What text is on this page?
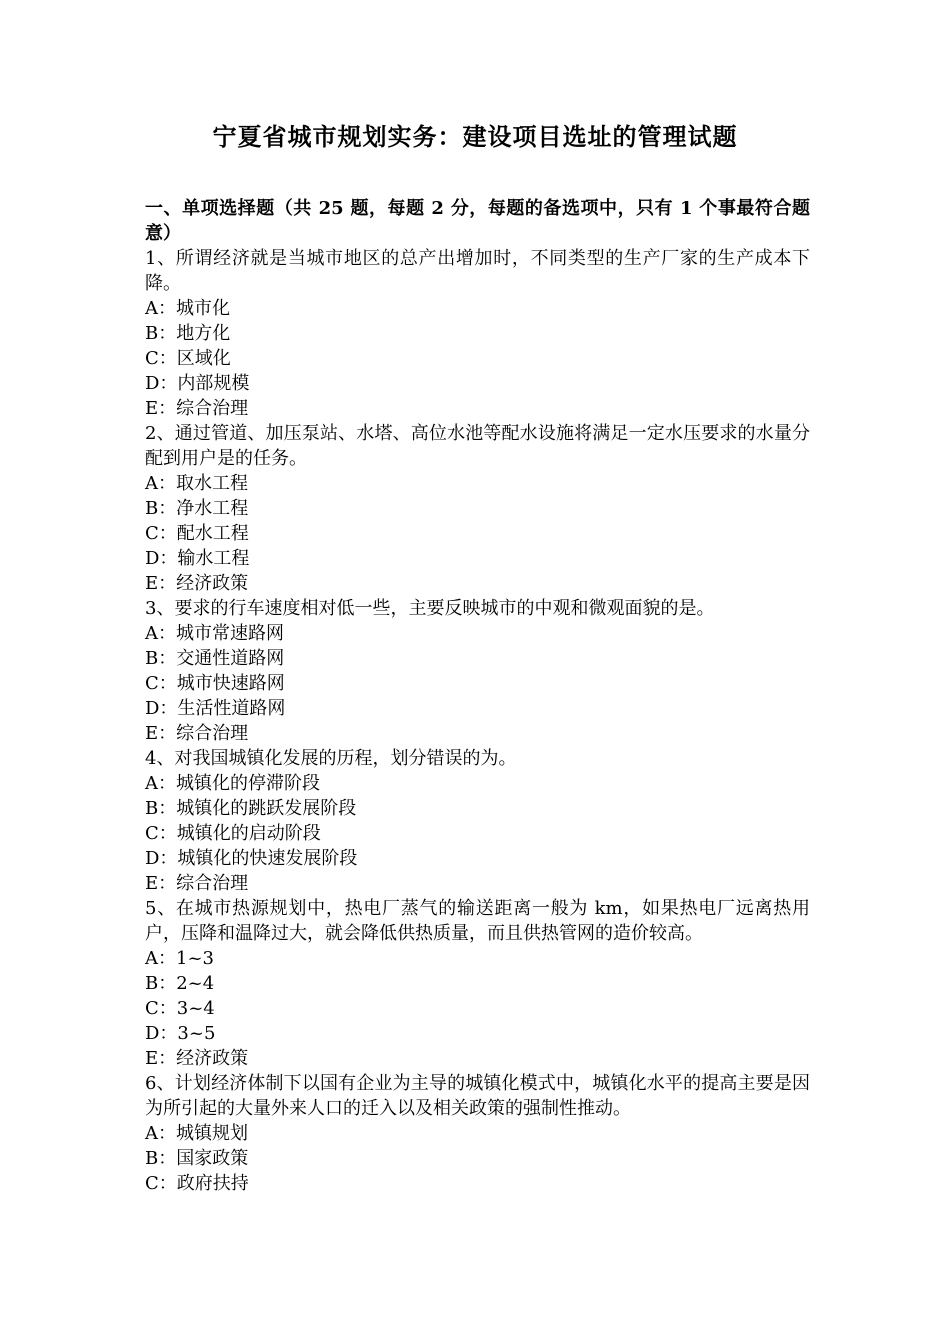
宁夏省城市规划实务：建设项目选址的管理试题

一、单项选择题（共 25 题，每题 2 分，每题的备选项中，只有 1 个事最符合题意）

1、所谓经济就是当城市地区的总产出增加时，不同类型的生产厂家的生产成本下降。

A：城市化

B：地方化

C：区域化

D：内部规模

E：综合治理

2、通过管道、加压泵站、水塔、高位水池等配水设施将满足一定水压要求的水量分配到用户是的任务。

A：取水工程

B：净水工程

C：配水工程

D：输水工程

E：经济政策

3、要求的行车速度相对低一些，主要反映城市的中观和微观面貌的是。

A：城市常速路网

B：交通性道路网

C：城市快速路网

D：生活性道路网

E：综合治理

4、对我国城镇化发展的历程，划分错误的为。

A：城镇化的停滞阶段

B：城镇化的跳跃发展阶段

C：城镇化的启动阶段

D：城镇化的快速发展阶段

E：综合治理

5、在城市热源规划中，热电厂蒸气的输送距离一般为 km，如果热电厂远离热用户，压降和温降过大，就会降低供热质量，而且供热管网的造价较高。

A：1~3

B：2~4

C：3~4

D：3~5

E：经济政策

6、计划经济体制下以国有企业为主导的城镇化模式中，城镇化水平的提高主要是因为所引起的大量外来人口的迁入以及相关政策的强制性推动。

A：城镇规划

B：国家政策

C：政府扶持
